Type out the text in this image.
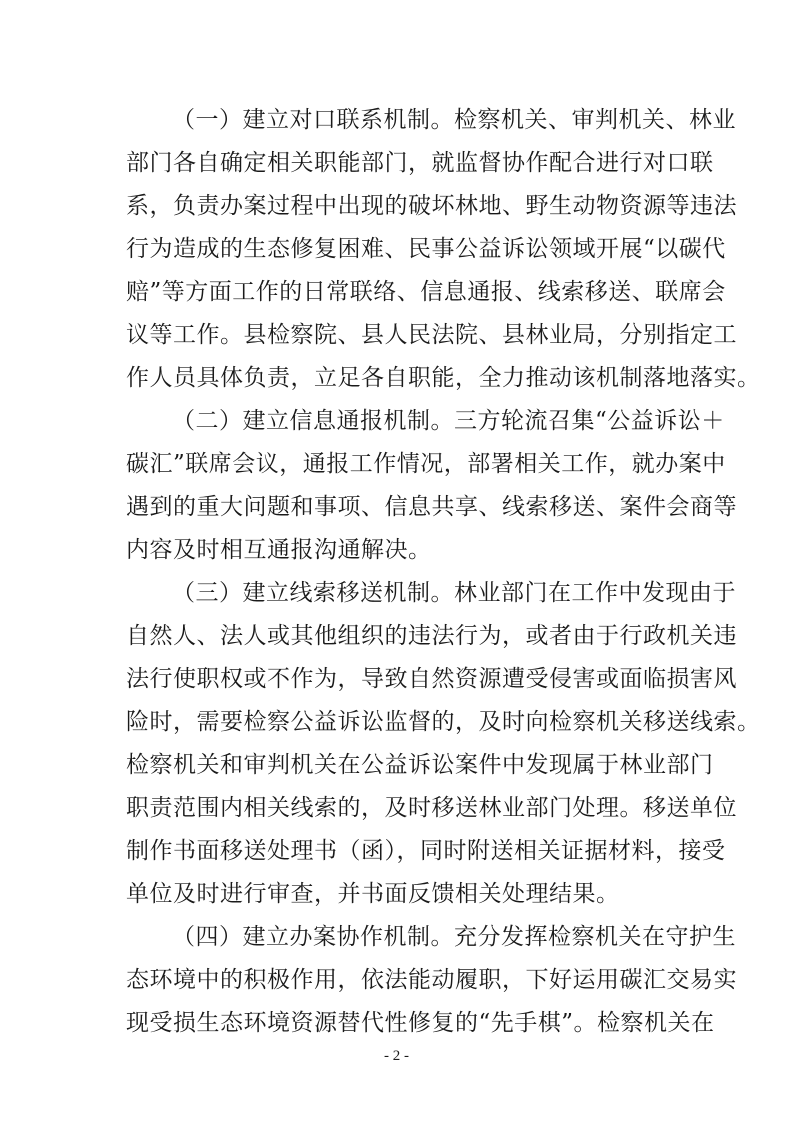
（一）建立对口联系机制。检察机关、审判机关、林业
部门各自确定相关职能部门，就监督协作配合进行对口联
系，负责办案过程中出现的破坏林地、野生动物资源等违法
行为造成的生态修复困难、民事公益诉讼领域开展“以碳代
赔”等方面工作的日常联络、信息通报、线索移送、联席会
议等工作。县检察院、县人民法院、县林业局，分别指定工
作人员具体负责，立足各自职能，全力推动该机制落地落实。
（二）建立信息通报机制。三方轮流召集“公益诉讼＋
碳汇”联席会议，通报工作情况，部署相关工作，就办案中
遇到的重大问题和事项、信息共享、线索移送、案件会商等
内容及时相互通报沟通解决。
（三）建立线索移送机制。林业部门在工作中发现由于
自然人、法人或其他组织的违法行为，或者由于行政机关违
法行使职权或不作为，导致自然资源遭受侵害或面临损害风
险时，需要检察公益诉讼监督的，及时向检察机关移送线索。
检察机关和审判机关在公益诉讼案件中发现属于林业部门
职责范围内相关线索的，及时移送林业部门处理。移送单位
制作书面移送处理书（函），同时附送相关证据材料，接受
单位及时进行审查，并书面反馈相关处理结果。
（四）建立办案协作机制。充分发挥检察机关在守护生
态环境中的积极作用，依法能动履职，下好运用碳汇交易实
现受损生态环境资源替代性修复的“先手棋”。检察机关在
- 2 -
